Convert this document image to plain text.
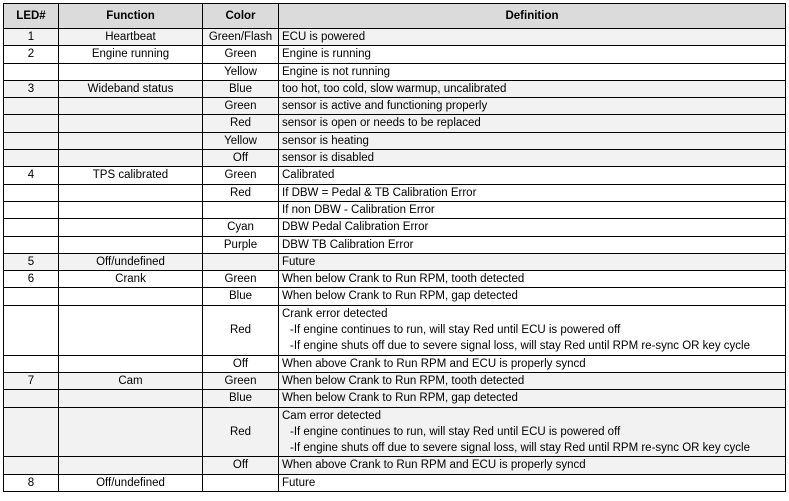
LED#	Function	Color	Definition
1	Heartbeat	Green/Flash	ECU is powered

2	Engine running	Green	Engine is running

		Yellow	Engine is not running

3	Wideband status	Blue	too hot, too cold, slow warmup, uncalibrated

		Green	sensor is active and functioning properly

		Red	sensor is open or needs to be replaced

		Yellow	sensor is heating

		Off	sensor is disabled

4	TPS calibrated	Green	Calibrated

		Red	If DBW = Pedal & TB Calibration Error

			If non DBW - Calibration Error

		Cyan	DBW Pedal Calibration Error

		Purple	DBW TB Calibration Error

5	Off/undefined		Future

6	Crank	Green	When below Crank to Run RPM, tooth detected

		Blue	When below Crank to Run RPM, gap detected

		Red	Crank error detected
-If engine continues to run, will stay Red until ECU is powered off
-If engine shuts off due to severe signal loss, will stay Red until RPM re-sync OR key cycle

		Off	When above Crank to Run RPM and ECU is properly syncd

7	Cam	Green	When below Crank to Run RPM, tooth detected

		Blue	When below Crank to Run RPM, gap detected

		Red	Cam error detected
-If engine continues to run, will stay Red until ECU is powered off
-If engine shuts off due to severe signal loss, will stay Red until RPM re-sync OR key cycle

		Off	When above Crank to Run RPM and ECU is properly syncd

8	Off/undefined		Future
